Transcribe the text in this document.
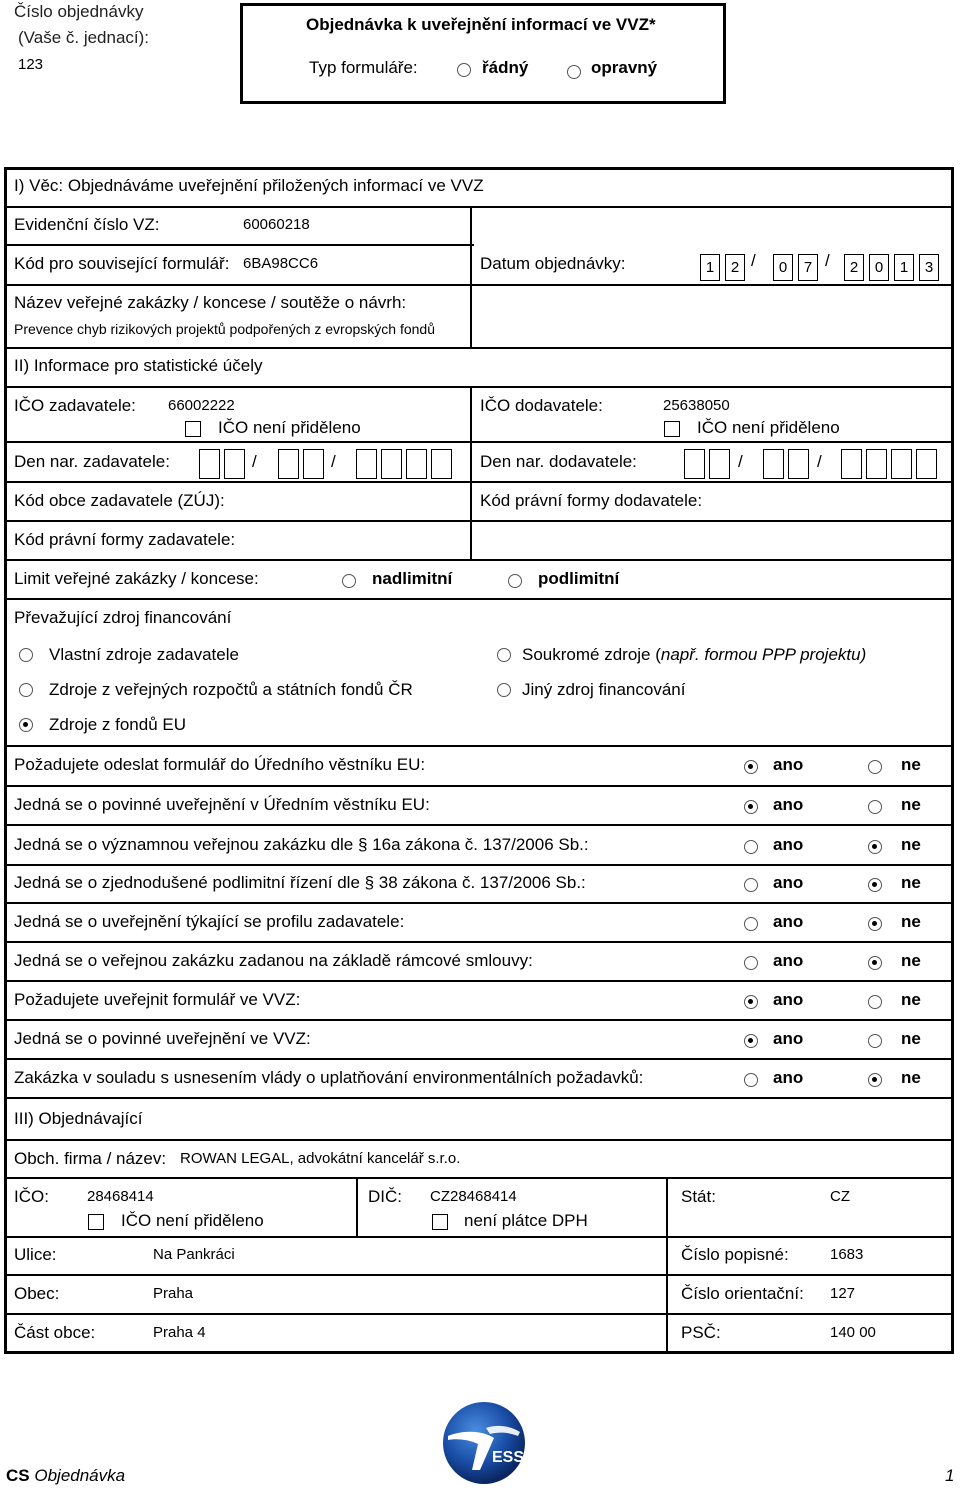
Číslo objednávky
(Vaše č. jednací):
123
Objednávka k uveřejnění informací ve VVZ*
Typ formuláře:	řádný	opravný
I) Věc: Objednáváme uveřejnění přiložených informací ve VVZ
Evidenční číslo VZ:	60060218
Kód pro související formulář: 6BA98CC6	Datum objednávky:	1	2 /	0	7 /	2	0	1	3
Název veřejné zakázky / koncese / soutěže o návrh:
Prevence chyb rizikových projektů podpořených z evropských fondů
II) Informace pro statistické účely
IČO zadavatele: 66002222
IČO není přiděleno
IČO dodavatele:	25638050
IČO není přiděleno
Den nar. zadavatele:	/	/	Den nar. dodavatele:	/	/
Kód obce zadavatele (ZÚJ):	Kód právní formy dodavatele:
Kód právní formy zadavatele:
Limit veřejné zakázky / koncese:	nadlimitní	podlimitní
Převažující zdroj financování
Vlastní zdroje zadavatele	Soukromé zdroje (např. formou PPP projektu)
Zdroje z veřejných rozpočtů a státních fondů ČR	Jiný zdroj financování
Zdroje z fondů EU
Požadujete odeslat formulář do Úředního věstníku EU:	ano	ne
Jedná se o povinné uveřejnění v Úředním věstníku EU:	ano	ne
Jedná se o významnou veřejnou zakázku dle § 16a zákona č. 137/2006 Sb.:	ano	ne
Jedná se o zjednodušené podlimitní řízení dle § 38 zákona č. 137/2006 Sb.:	ano	ne
Jedná se o uveřejnění týkající se profilu zadavatele:	ano	ne
Jedná se o veřejnou zakázku zadanou na základě rámcové smlouvy:	ano	ne
Požadujete uveřejnit formulář ve VVZ:	ano	ne
Jedná se o povinné uveřejnění ve VVZ:	ano	ne
Zakázka v souladu s usnesením vlády o uplatňování environmentálních požadavků:	ano	ne
III) Objednávající
Obch. firma / název: ROWAN LEGAL, advokátní kancelář s.r.o.
IČO:	28468414
IČO není přiděleno
DIČ: CZ28468414
není plátce DPH
Stát:	CZ
Ulice:	Na Pankráci	Číslo popisné:	1683
Obec:	Praha	Číslo orientační: 127
Část obce:	Praha 4	PSČ:	140 00
ESS
CS Objednávka	1
